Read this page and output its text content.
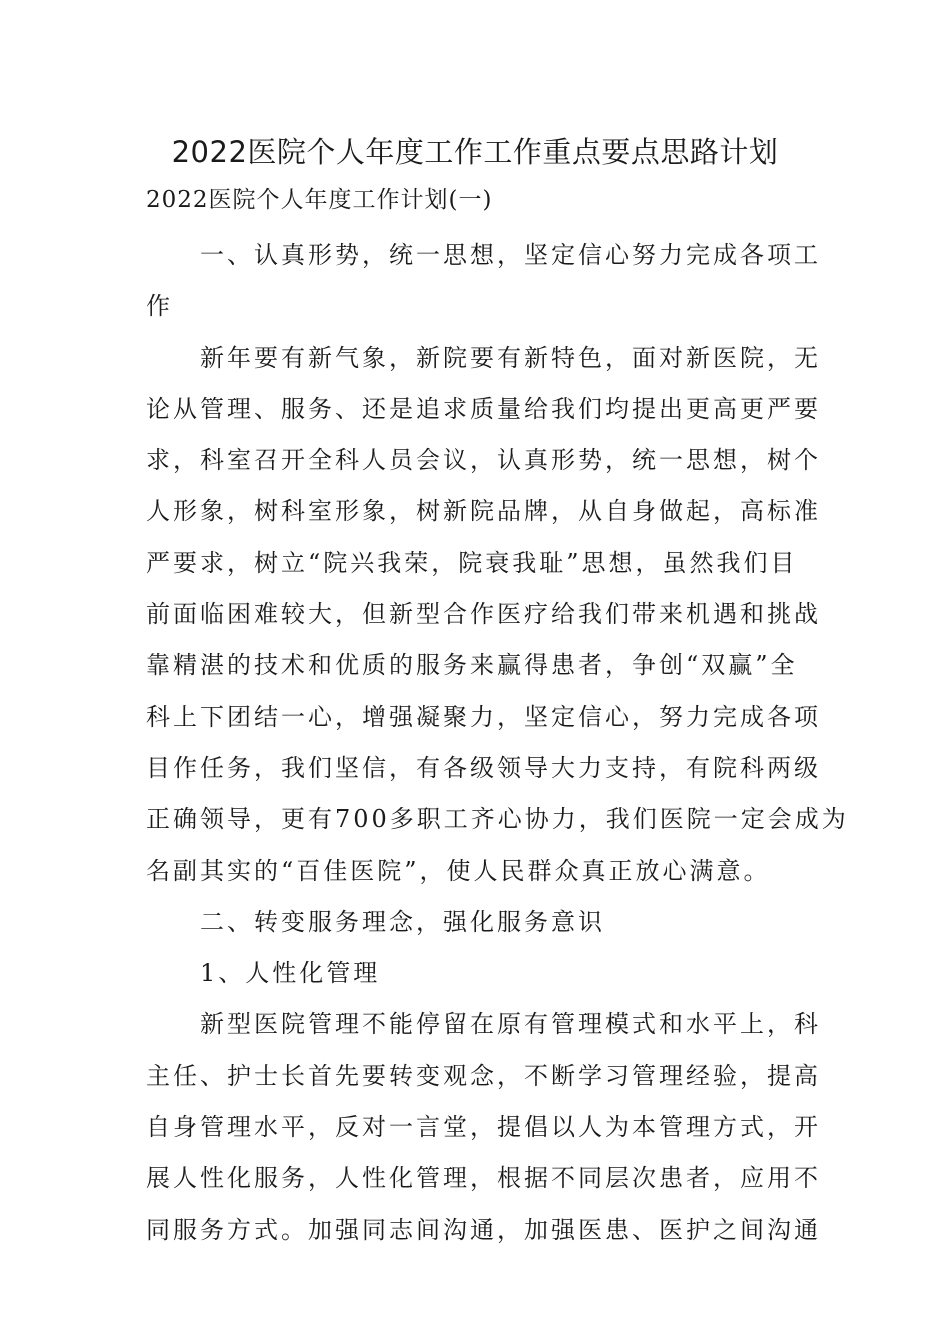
2022医院个人年度工作工作重点要点思路计划
2022医院个人年度工作计划(一)
一、认真形势，统一思想，坚定信心努力完成各项工
作
新年要有新气象，新院要有新特色，面对新医院，无
论从管理、服务、还是追求质量给我们均提出更高更严要
求，科室召开全科人员会议，认真形势，统一思想，树个
人形象，树科室形象，树新院品牌，从自身做起，高标准
严要求，树立“院兴我荣，院衰我耻”思想，虽然我们目
前面临困难较大，但新型合作医疗给我们带来机遇和挑战
靠精湛的技术和优质的服务来赢得患者，争创“双赢”全
科上下团结一心，增强凝聚力，坚定信心，努力完成各项
目作任务，我们坚信，有各级领导大力支持，有院科两级
正确领导，更有700多职工齐心协力，我们医院一定会成为
名副其实的“百佳医院”，使人民群众真正放心满意。
二、转变服务理念，强化服务意识
1、人性化管理
新型医院管理不能停留在原有管理模式和水平上，科
主任、护士长首先要转变观念，不断学习管理经验，提高
自身管理水平，反对一言堂，提倡以人为本管理方式，开
展人性化服务，人性化管理，根据不同层次患者，应用不
同服务方式。加强同志间沟通，加强医患、医护之间沟通
